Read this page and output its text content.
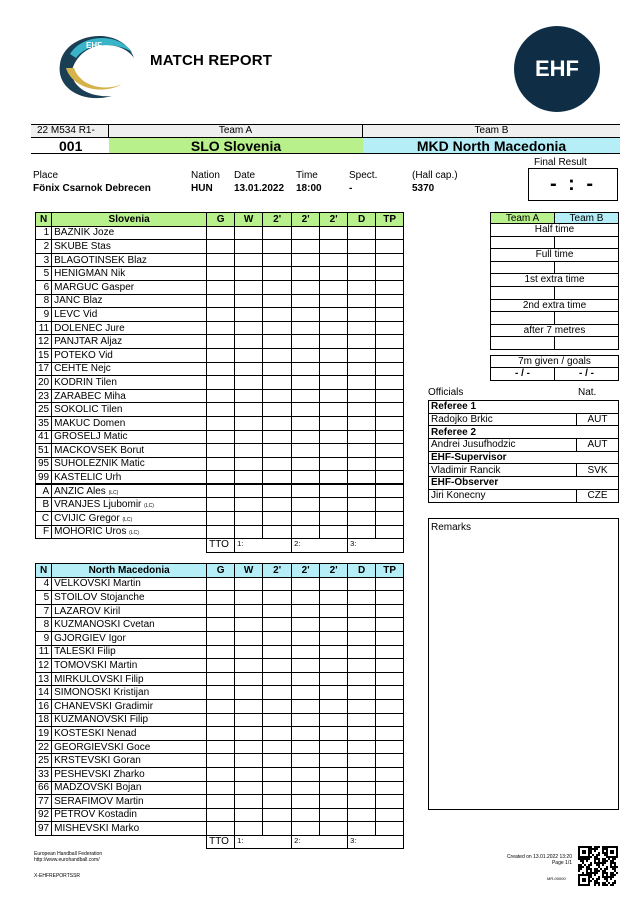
EHF
MATCH REPORT	EHF
22 M534 R1-	Team A	Team B
001	SLO Slovenia	MKD North Macedonia
Place
Fönix Csarnok Debrecen
Nation
HUN
Date
13.01.2022
Time
18:00
Spect.
-
(Hall cap.)
5370
Final Result
- : -
N	Slovenia	G	W	2'	2'	2'	D	TP
1	BAZNIK Joze							
2	SKUBE Stas							
3	BLAGOTINSEK Blaz							
5	HENIGMAN Nik							
6	MARGUC Gasper							
8	JANC Blaz							
9	LEVC Vid							
11	DOLENEC Jure							
12	PANJTAR Aljaz							
15	POTEKO Vid							
17	CEHTE Nejc							
20	KODRIN Tilen							
23	ZARABEC Miha							
25	SOKOLIC Tilen							
35	MAKUC Domen							
41	GROSELJ Matic							
51	MACKOVSEK Borut							
95	SUHOLEZNIK Matic							
99	KASTELIC Urh							
A	ANZIC Ales (LC)							
B	VRANJES Ljubomir (LC)							
C	CVIJIC Gregor (LC)							
F	MOHORIC Uros (LC)							
		TTO	1:		2:		3:	
N	North Macedonia	G	W	2'	2'	2'	D	TP
4	VELKOVSKI Martin							
5	STOILOV Stojanche							
7	LAZAROV Kiril							
8	KUZMANOSKI Cvetan							
9	GJORGIEV Igor							
11	TALESKI Filip							
12	TOMOVSKI Martin							
13	MIRKULOVSKI Filip							
14	SIMONOSKI Kristijan							
16	CHANEVSKI Gradimir							
18	KUZMANOVSKI Filip							
19	KOSTESKI Nenad							
22	GEORGIEVSKI Goce							
25	KRSTEVSKI Goran							
33	PESHEVSKI Zharko							
66	MADZOVSKI Bojan							
77	SERAFIMOV Martin							
92	PETROV Kostadin							
97	MISHEVSKI Marko							
		TTO	1:		2:		3:	
Team A	Team B
Half time
Full time
1st extra time
2nd extra time
after 7 metres
7m given / goals
- / -	- / -
Officials	Nat.
Referee 1	
Radojko Brkic	AUT
Referee 2	
Andrei Jusufhodzic	AUT
EHF-Supervisor	
Vladimir Rancik	SVK
EHF-Observer	
Jiri Konecny	CZE
Remarks
European Handball Federation
http://www.eurohandball.com/
X-EHFREPORTSSR
Created on 13.01.2022 13:20
Page 1/1
MR-00000
